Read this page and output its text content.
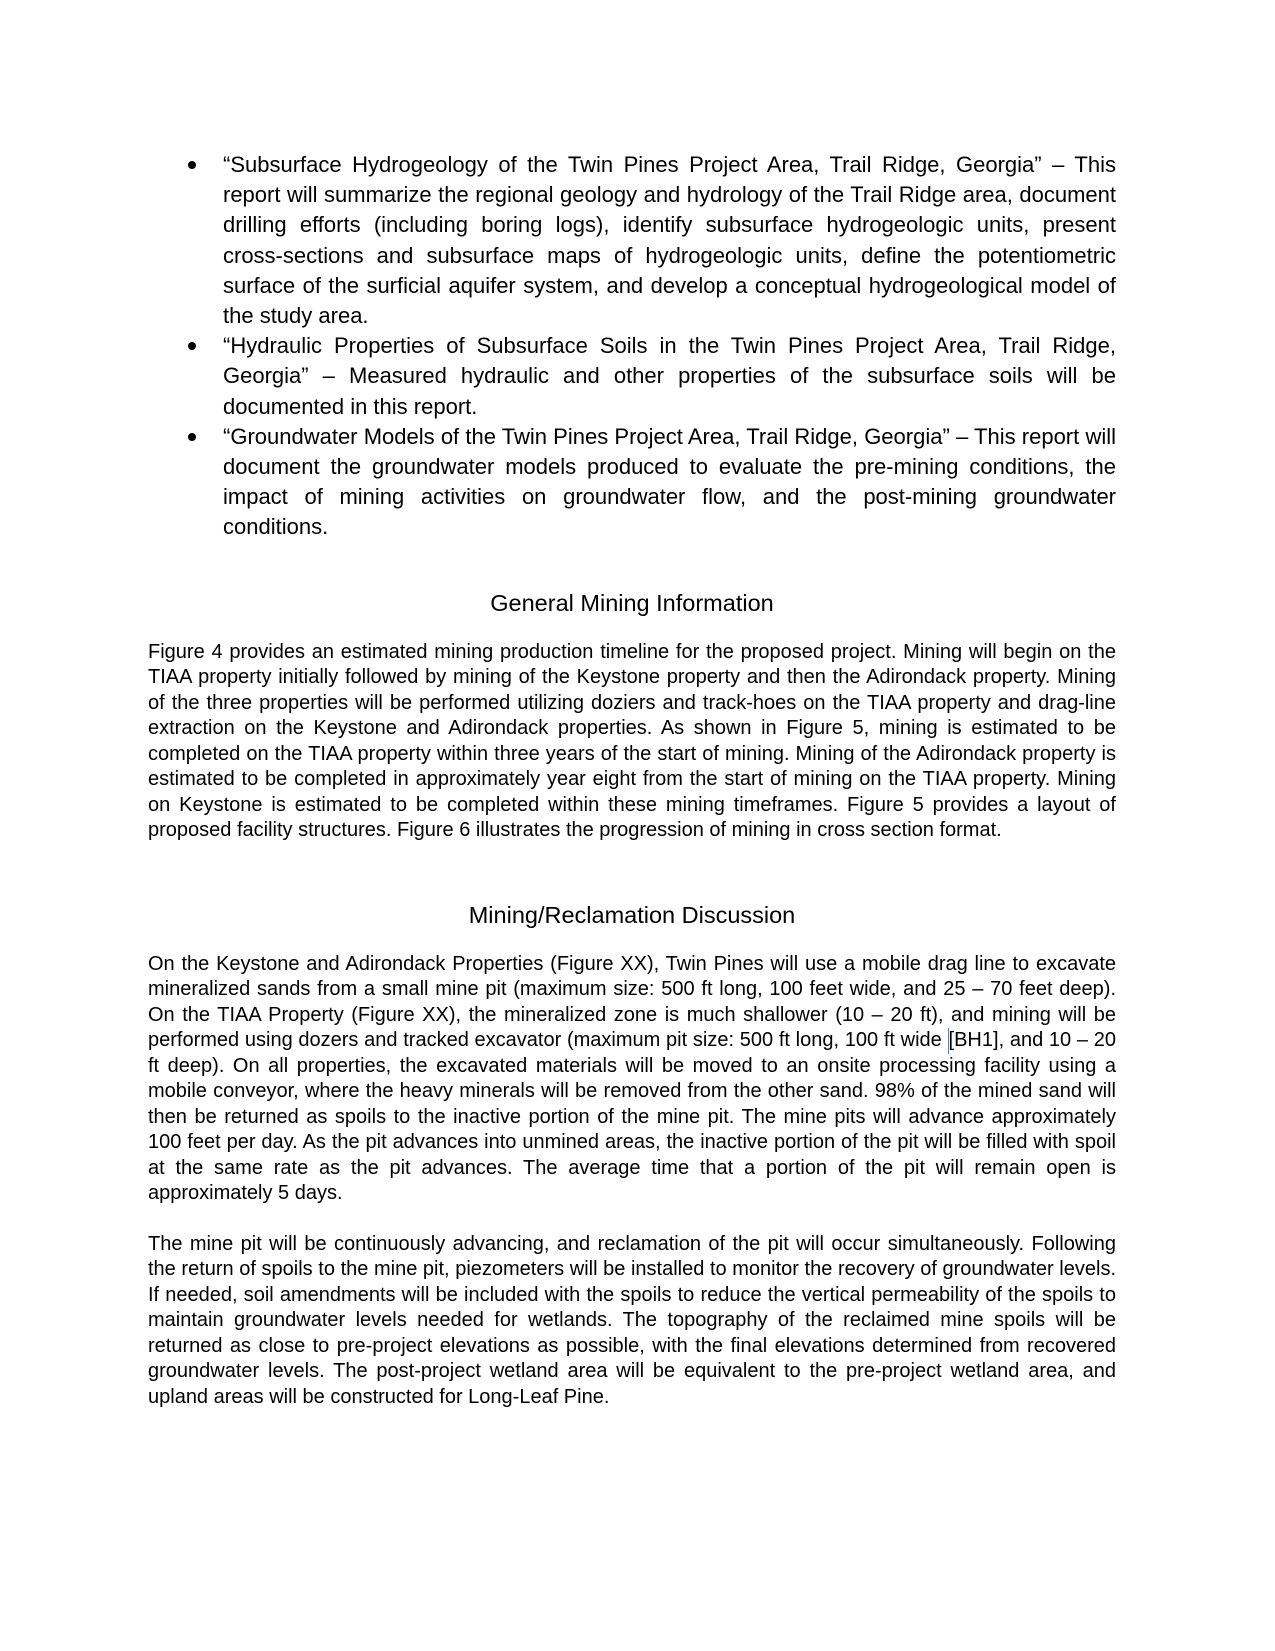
“Subsurface Hydrogeology of the Twin Pines Project Area, Trail Ridge, Georgia” – This report will summarize the regional geology and hydrology of the Trail Ridge area, document drilling efforts (including boring logs), identify subsurface hydrogeologic units, present cross-sections and subsurface maps of hydrogeologic units, define the potentiometric surface of the surficial aquifer system, and develop a conceptual hydrogeological model of the study area.
“Hydraulic Properties of Subsurface Soils in the Twin Pines Project Area, Trail Ridge, Georgia” – Measured hydraulic and other properties of the subsurface soils will be documented in this report.
“Groundwater Models of the Twin Pines Project Area, Trail Ridge, Georgia” – This report will document the groundwater models produced to evaluate the pre-mining conditions, the impact of mining activities on groundwater flow, and the post-mining groundwater conditions.
General Mining Information

Figure 4 provides an estimated mining production timeline for the proposed project. Mining will begin on the TIAA property initially followed by mining of the Keystone property and then the Adirondack property. Mining of the three properties will be performed utilizing doziers and track-hoes on the TIAA property and drag-line extraction on the Keystone and Adirondack properties. As shown in Figure 5, mining is estimated to be completed on the TIAA property within three years of the start of mining. Mining of the Adirondack property is estimated to be completed in approximately year eight from the start of mining on the TIAA property. Mining on Keystone is estimated to be completed within these mining timeframes. Figure 5 provides a layout of proposed facility structures. Figure 6 illustrates the progression of mining in cross section format.

Mining/Reclamation Discussion

On the Keystone and Adirondack Properties (Figure XX), Twin Pines will use a mobile drag line to excavate mineralized sands from a small mine pit (maximum size: 500 ft long, 100 feet wide, and 25 – 70 feet deep). On the TIAA Property (Figure XX), the mineralized zone is much shallower (10 – 20 ft), and mining will be performed using dozers and tracked excavator (maximum pit size: 500 ft long, 100 ft wide [BH1], and 10 – 20 ft deep). On all properties, the excavated materials will be moved to an onsite processing facility using a mobile conveyor, where the heavy minerals will be removed from the other sand. 98% of the mined sand will then be returned as spoils to the inactive portion of the mine pit. The mine pits will advance approximately 100 feet per day. As the pit advances into unmined areas, the inactive portion of the pit will be filled with spoil at the same rate as the pit advances. The average time that a portion of the pit will remain open is approximately 5 days.

The mine pit will be continuously advancing, and reclamation of the pit will occur simultaneously. Following the return of spoils to the mine pit, piezometers will be installed to monitor the recovery of groundwater levels. If needed, soil amendments will be included with the spoils to reduce the vertical permeability of the spoils to maintain groundwater levels needed for wetlands. The topography of the reclaimed mine spoils will be returned as close to pre-project elevations as possible, with the final elevations determined from recovered groundwater levels. The post-project wetland area will be equivalent to the pre-project wetland area, and upland areas will be constructed for Long-Leaf Pine.
